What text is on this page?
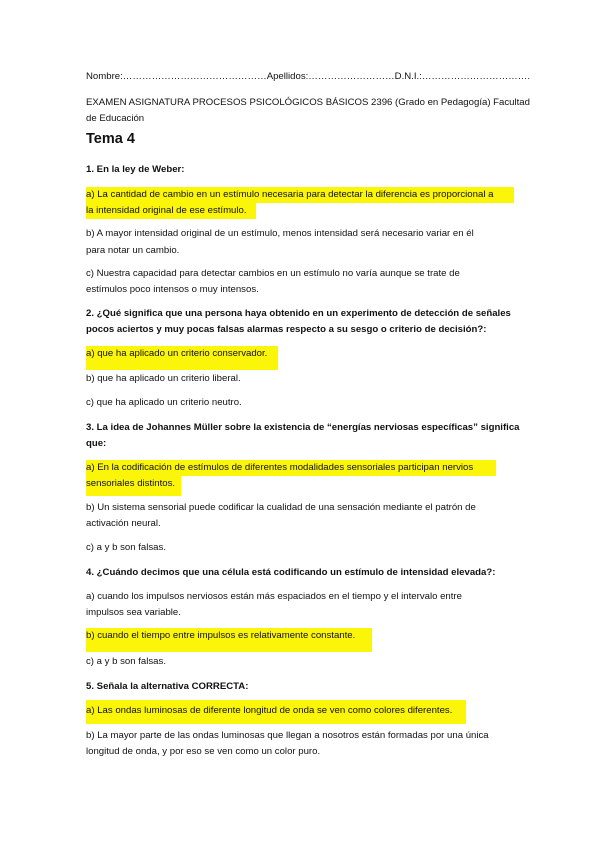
Nombre:………………………………………Apellidos:………………………D.N.I.:…………………………….
EXAMEN ASIGNATURA PROCESOS PSICOLÓGICOS BÁSICOS 2396 (Grado en Pedagogía) Facultad
de Educación
Tema 4
1. En la ley de Weber:
a) La cantidad de cambio en un estímulo necesaria para detectar la diferencia es proporcional a
la intensidad original de ese estímulo.
b) A mayor intensidad original de un estímulo, menos intensidad será necesario variar en él
para notar un cambio.
c) Nuestra capacidad para detectar cambios en un estímulo no varía aunque se trate de
estímulos poco intensos o muy intensos.
2. ¿Qué significa que una persona haya obtenido en un experimento de detección de señales
pocos aciertos y muy pocas falsas alarmas respecto a su sesgo o criterio de decisión?:
a) que ha aplicado un criterio conservador.
b) que ha aplicado un criterio liberal.
c) que ha aplicado un criterio neutro.
3. La idea de Johannes Müller sobre la existencia de “energías nerviosas específicas” significa
que:
a) En la codificación de estímulos de diferentes modalidades sensoriales participan nervios
sensoriales distintos.
b) Un sistema sensorial puede codificar la cualidad de una sensación mediante el patrón de
activación neural.
c) a y b son falsas.
4. ¿Cuándo decimos que una célula está codificando un estímulo de intensidad elevada?:
a) cuando los impulsos nerviosos están más espaciados en el tiempo y el intervalo entre
impulsos sea variable.
b) cuando el tiempo entre impulsos es relativamente constante.
c) a y b son falsas.
5. Señala la alternativa CORRECTA:
a) Las ondas luminosas de diferente longitud de onda se ven como colores diferentes.
b) La mayor parte de las ondas luminosas que llegan a nosotros están formadas por una única
longitud de onda, y por eso se ven como un color puro.
